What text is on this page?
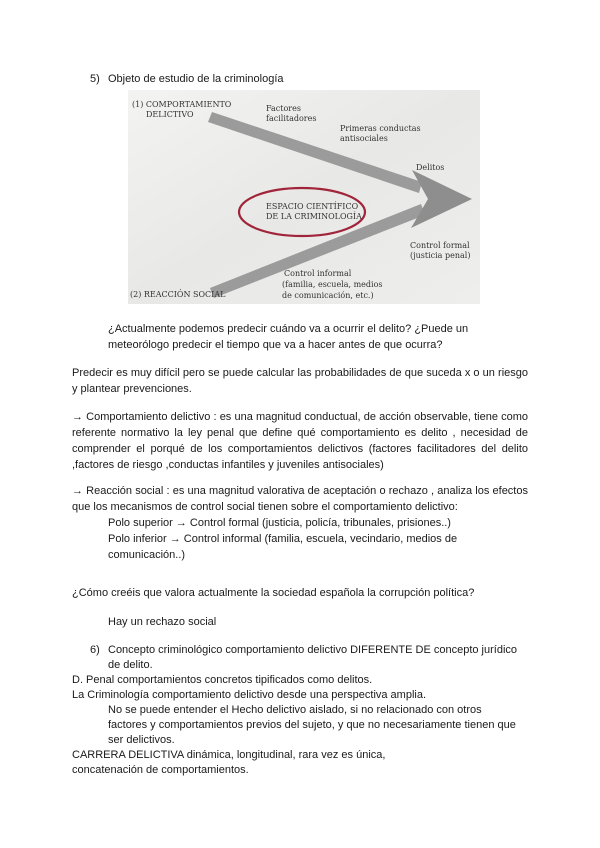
5) Objeto de estudio de la criminología
(1) COMPORTAMIENTO
DELICTIVO
Factores
facilitadores
Primeras conductas
antisociales
Delitos
ESPACIO CIENTÍFICO
DE LA CRIMINOLOGÍA
Control formal
(justicia penal)
Control informal
(familia, escuela, medios
de comunicación, etc.)
(2) REACCIÓN SOCIAL
¿Actualmente podemos predecir cuándo va a ocurrir el delito? ¿Puede un
meteorólogo predecir el tiempo que va a hacer antes de que ocurra?
Predecir es muy difícil pero se puede calcular las probabilidades de que suceda x o un riesgo y plantear prevenciones.
→ Comportamiento delictivo : es una magnitud conductual, de acción observable, tiene como referente normativo la ley penal que define qué comportamiento es delito , necesidad de comprender el porqué de los comportamientos delictivos (factores facilitadores del delito ,factores de riesgo ,conductas infantiles y juveniles antisociales)
→ Reacción social : es una magnitud valorativa de aceptación o rechazo , analiza los efectos que los mecanismos de control social tienen sobre el comportamiento delictivo:
Polo superior → Control formal (justicia, policía, tribunales, prisiones..)
Polo inferior → Control informal (familia, escuela, vecindario, medios de
comunicación..)
¿Cómo creéis que valora actualmente la sociedad española la corrupción política?
Hay un rechazo social
6) Concepto criminológico comportamiento delictivo DIFERENTE DE concepto jurídico
de delito.
D. Penal comportamientos concretos tipificados como delitos.
La Criminología comportamiento delictivo desde una perspectiva amplia.
No se puede entender el Hecho delictivo aislado, si no relacionado con otros
factores y comportamientos previos del sujeto, y que no necesariamente tienen que
ser delictivos.
CARRERA DELICTIVA dinámica, longitudinal, rara vez es única,
concatenación de comportamientos.
